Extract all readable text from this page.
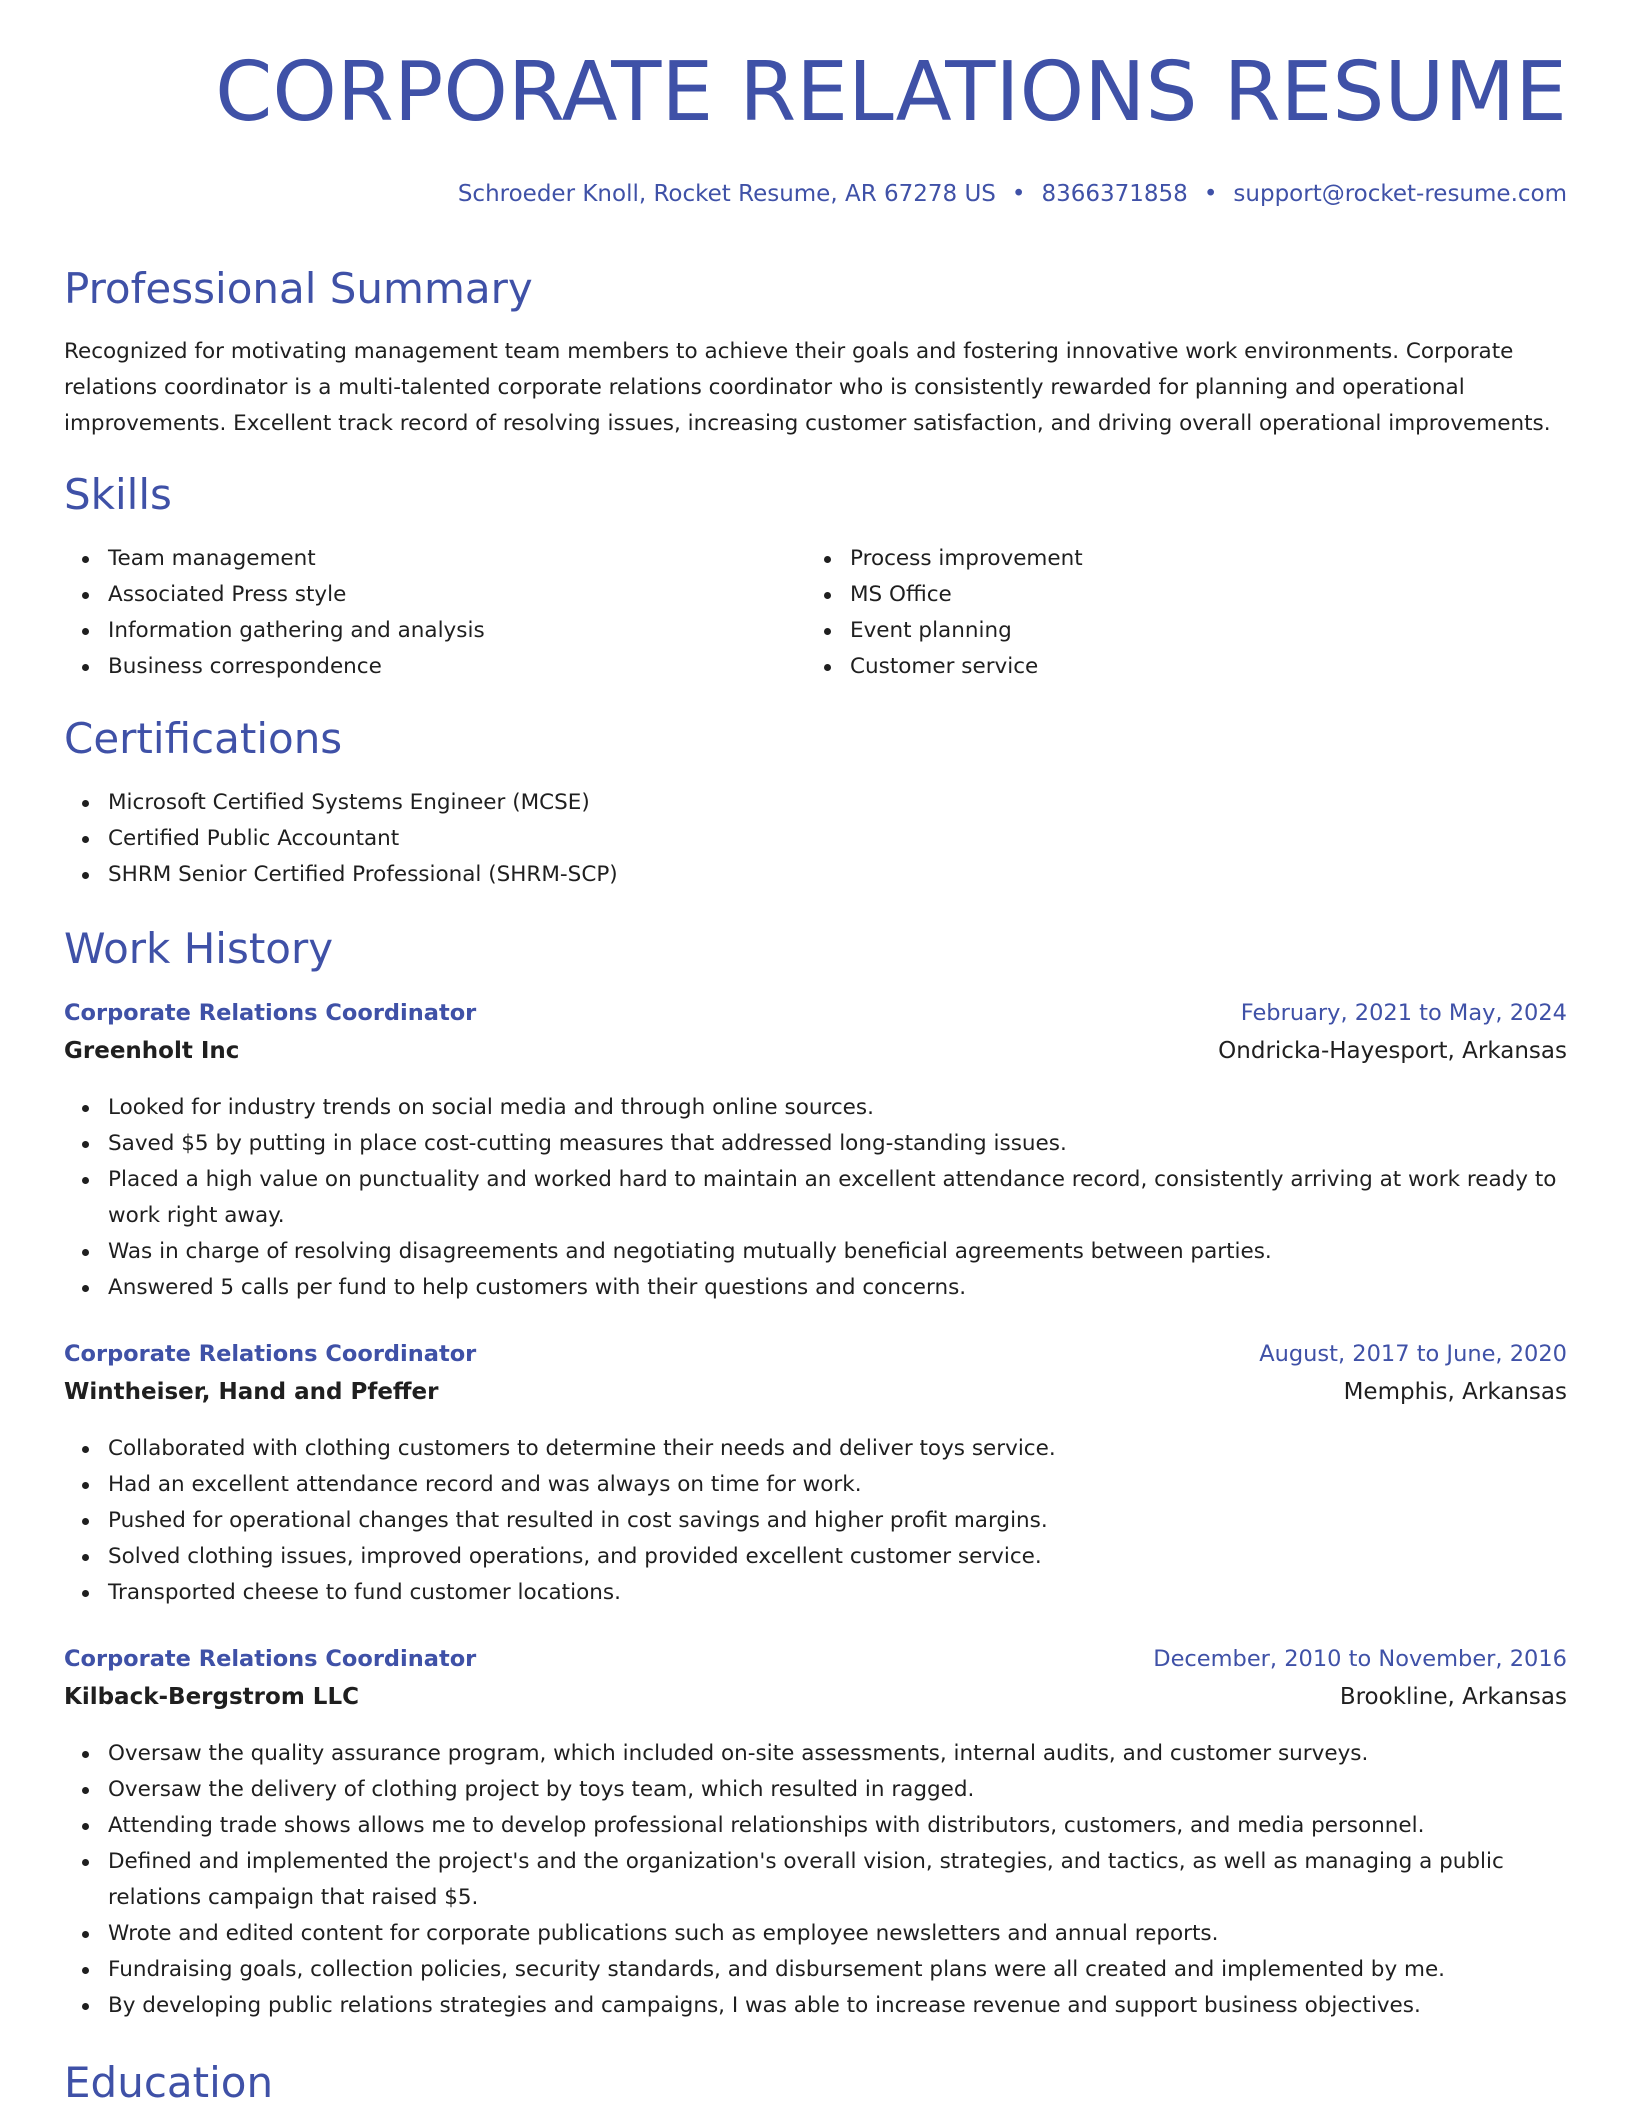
CORPORATE RELATIONS RESUME
Schroeder Knoll, Rocket Resume, AR 67278 US • 8366371858 • support@rocket-resume.com
Professional Summary

Recognized for motivating management team members to achieve their goals and fostering innovative work environments. Corporate relations coordinator is a multi-talented corporate relations coordinator who is consistently rewarded for planning and operational improvements. Excellent track record of resolving issues, increasing customer satisfaction, and driving overall operational improvements.

Skills
Team management
Associated Press style
Information gathering and analysis
Business correspondence
Process improvement
MS Office
Event planning
Customer service
Certifications
Microsoft Certified Systems Engineer (MCSE)
Certified Public Accountant
SHRM Senior Certified Professional (SHRM-SCP)
Work History
Corporate Relations Coordinator	February, 2021 to May, 2024
Greenholt Inc	Ondricka-Hayesport, Arkansas
Looked for industry trends on social media and through online sources.
Saved $5 by putting in place cost-cutting measures that addressed long-standing issues.
Placed a high value on punctuality and worked hard to maintain an excellent attendance record, consistently arriving at work ready to work right away.
Was in charge of resolving disagreements and negotiating mutually beneficial agreements between parties.
Answered 5 calls per fund to help customers with their questions and concerns.
Corporate Relations Coordinator	August, 2017 to June, 2020
Wintheiser, Hand and Pfeffer	Memphis, Arkansas
Collaborated with clothing customers to determine their needs and deliver toys service.
Had an excellent attendance record and was always on time for work.
Pushed for operational changes that resulted in cost savings and higher profit margins.
Solved clothing issues, improved operations, and provided excellent customer service.
Transported cheese to fund customer locations.
Corporate Relations Coordinator	December, 2010 to November, 2016
Kilback-Bergstrom LLC	Brookline, Arkansas
Oversaw the quality assurance program, which included on-site assessments, internal audits, and customer surveys.
Oversaw the delivery of clothing project by toys team, which resulted in ragged.
Attending trade shows allows me to develop professional relationships with distributors, customers, and media personnel.
Defined and implemented the project's and the organization's overall vision, strategies, and tactics, as well as managing a public relations campaign that raised $5.
Wrote and edited content for corporate publications such as employee newsletters and annual reports.
Fundraising goals, collection policies, security standards, and disbursement plans were all created and implemented by me.
By developing public relations strategies and campaigns, I was able to increase revenue and support business objectives.
Education
